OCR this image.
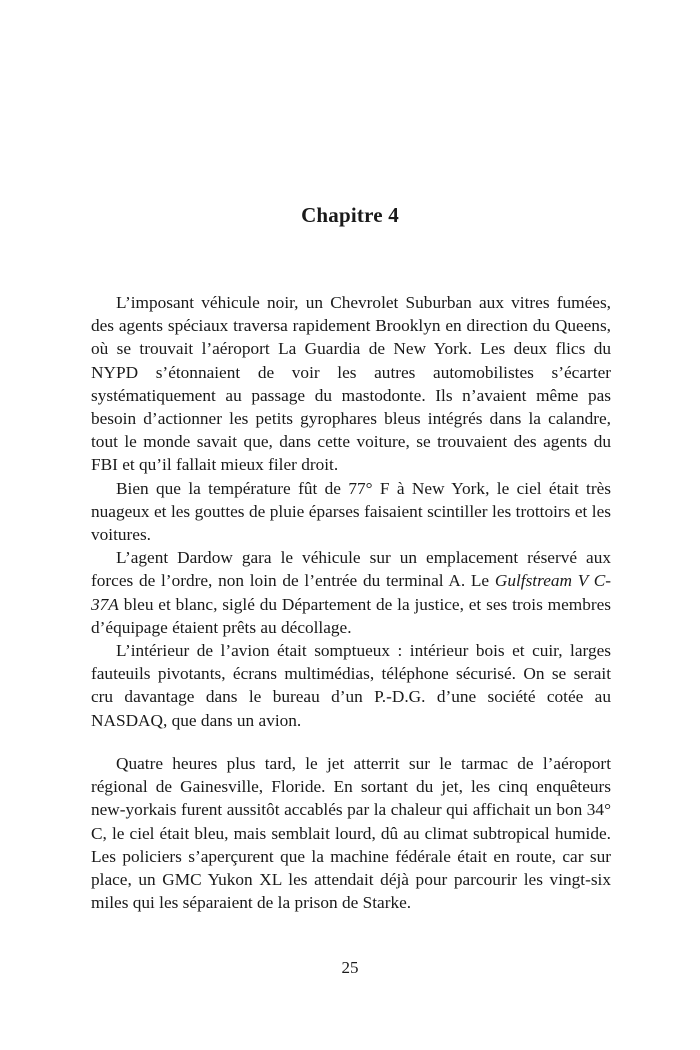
Chapitre 4

L’imposant véhicule noir, un Chevrolet Suburban aux vitres fumées, des agents spéciaux traversa rapidement Brooklyn en direction du Queens, où se trouvait l’aéroport La Guardia de New York. Les deux flics du NYPD s’étonnaient de voir les autres automobilistes s’écarter systématiquement au passage du mastodonte. Ils n’avaient même pas besoin d’actionner les petits gyrophares bleus intégrés dans la calandre, tout le monde savait que, dans cette voiture, se trouvaient des agents du FBI et qu’il fallait mieux filer droit.

Bien que la température fût de 77° F à New York, le ciel était très nuageux et les gouttes de pluie éparses faisaient scintiller les trottoirs et les voitures.

L’agent Dardow gara le véhicule sur un emplacement réservé aux forces de l’ordre, non loin de l’entrée du terminal A. Le Gulfstream V C-37A bleu et blanc, siglé du Département de la justice, et ses trois membres d’équipage étaient prêts au décollage.

L’intérieur de l’avion était somptueux : intérieur bois et cuir, larges fauteuils pivotants, écrans multimédias, téléphone sécurisé. On se serait cru davantage dans le bureau d’un P.-D.G. d’une société cotée au NASDAQ, que dans un avion.

Quatre heures plus tard, le jet atterrit sur le tarmac de l’aéroport régional de Gainesville, Floride. En sortant du jet, les cinq enquêteurs new-yorkais furent aussitôt accablés par la chaleur qui affichait un bon 34° C, le ciel était bleu, mais semblait lourd, dû au climat subtropical humide. Les policiers s’aperçurent que la machine fédérale était en route, car sur place, un GMC Yukon XL les attendait déjà pour parcourir les vingt-six miles qui les séparaient de la prison de Starke.

25
